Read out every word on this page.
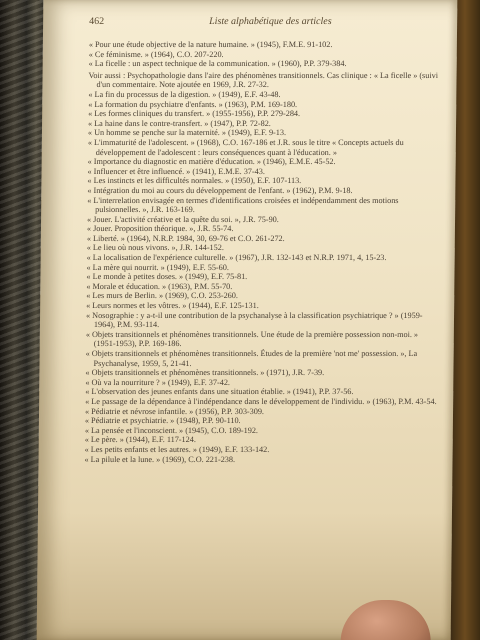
462	Liste alphabétique des articles

« Pour une étude objective de la nature humaine. » (1945), F.M.E. 91-102.

« Ce féminisme. » (1964), C.O. 207-220.

« La ficelle : un aspect technique de la communication. » (1960), P.P. 379-384.

Voir aussi : Psychopathologie dans l'aire des phénomènes transitionnels. Cas clinique : « La ficelle » (suivi d'un commentaire. Note ajoutée en 1969, J.R. 27-32.

« La fin du processus de la digestion. » (1949), E.F. 43-48.

« La formation du psychiatre d'enfants. » (1963), P.M. 169-180.

« Les formes cliniques du transfert. » (1955-1956), P.P. 279-284.

« La haine dans le contre-transfert. » (1947), P.P. 72-82.

« Un homme se penche sur la maternité. » (1949), E.F. 9-13.

« L'immaturité de l'adolescent. » (1968), C.O. 167-186 et J.R. sous le titre « Concepts actuels du développement de l'adolescent : leurs conséquences quant à l'éducation. »

« Importance du diagnostic en matière d'éducation. » (1946), E.M.E. 45-52.

« Influencer et être influencé. » (1941), E.M.E. 37-43.

« Les instincts et les difficultés normales. » (1950), E.F. 107-113.

« Intégration du moi au cours du développement de l'enfant. » (1962), P.M. 9-18.

« L'interrelation envisagée en termes d'identifications croisées et indépendamment des motions pulsionnelles. », J.R. 163-169.

« Jouer. L'activité créative et la quête du soi. », J.R. 75-90.

« Jouer. Proposition théorique. », J.R. 55-74.

« Liberté. » (1964), N.R.P. 1984, 30, 69-76 et C.O. 261-272.

« Le lieu où nous vivons. », J.R. 144-152.

« La localisation de l'expérience culturelle. » (1967), J.R. 132-143 et N.R.P. 1971, 4, 15-23.

« La mère qui nourrit. » (1949), E.F. 55-60.

« Le monde à petites doses. » (1949), E.F. 75-81.

« Morale et éducation. » (1963), P.M. 55-70.

« Les murs de Berlin. » (1969), C.O. 253-260.

« Leurs normes et les vôtres. » (1944), E.F. 125-131.

« Nosographie : y a-t-il une contribution de la psychanalyse à la classification psychiatrique ? » (1959-1964), P.M. 93-114.

« Objets transitionnels et phénomènes transitionnels. Une étude de la première possession non-moi. » (1951-1953), P.P. 169-186.

« Objets transitionnels et phénomènes transitionnels. Études de la première 'not me' possession. », La Psychanalyse, 1959, 5, 21-41.

« Objets transitionnels et phénomènes transitionnels. » (1971), J.R. 7-39.

« Où va la nourriture ? » (1949), E.F. 37-42.

« L'observation des jeunes enfants dans une situation établie. » (1941), P.P. 37-56.

« Le passage de la dépendance à l'indépendance dans le développement de l'individu. » (1963), P.M. 43-54.

« Pédiatrie et névrose infantile. » (1956), P.P. 303-309.

« Pédiatrie et psychiatrie. » (1948), P.P. 90-110.

« La pensée et l'inconscient. » (1945), C.O. 189-192.

« Le père. » (1944), E.F. 117-124.

« Les petits enfants et les autres. » (1949), E.F. 133-142.

« La pilule et la lune. » (1969), C.O. 221-238.
